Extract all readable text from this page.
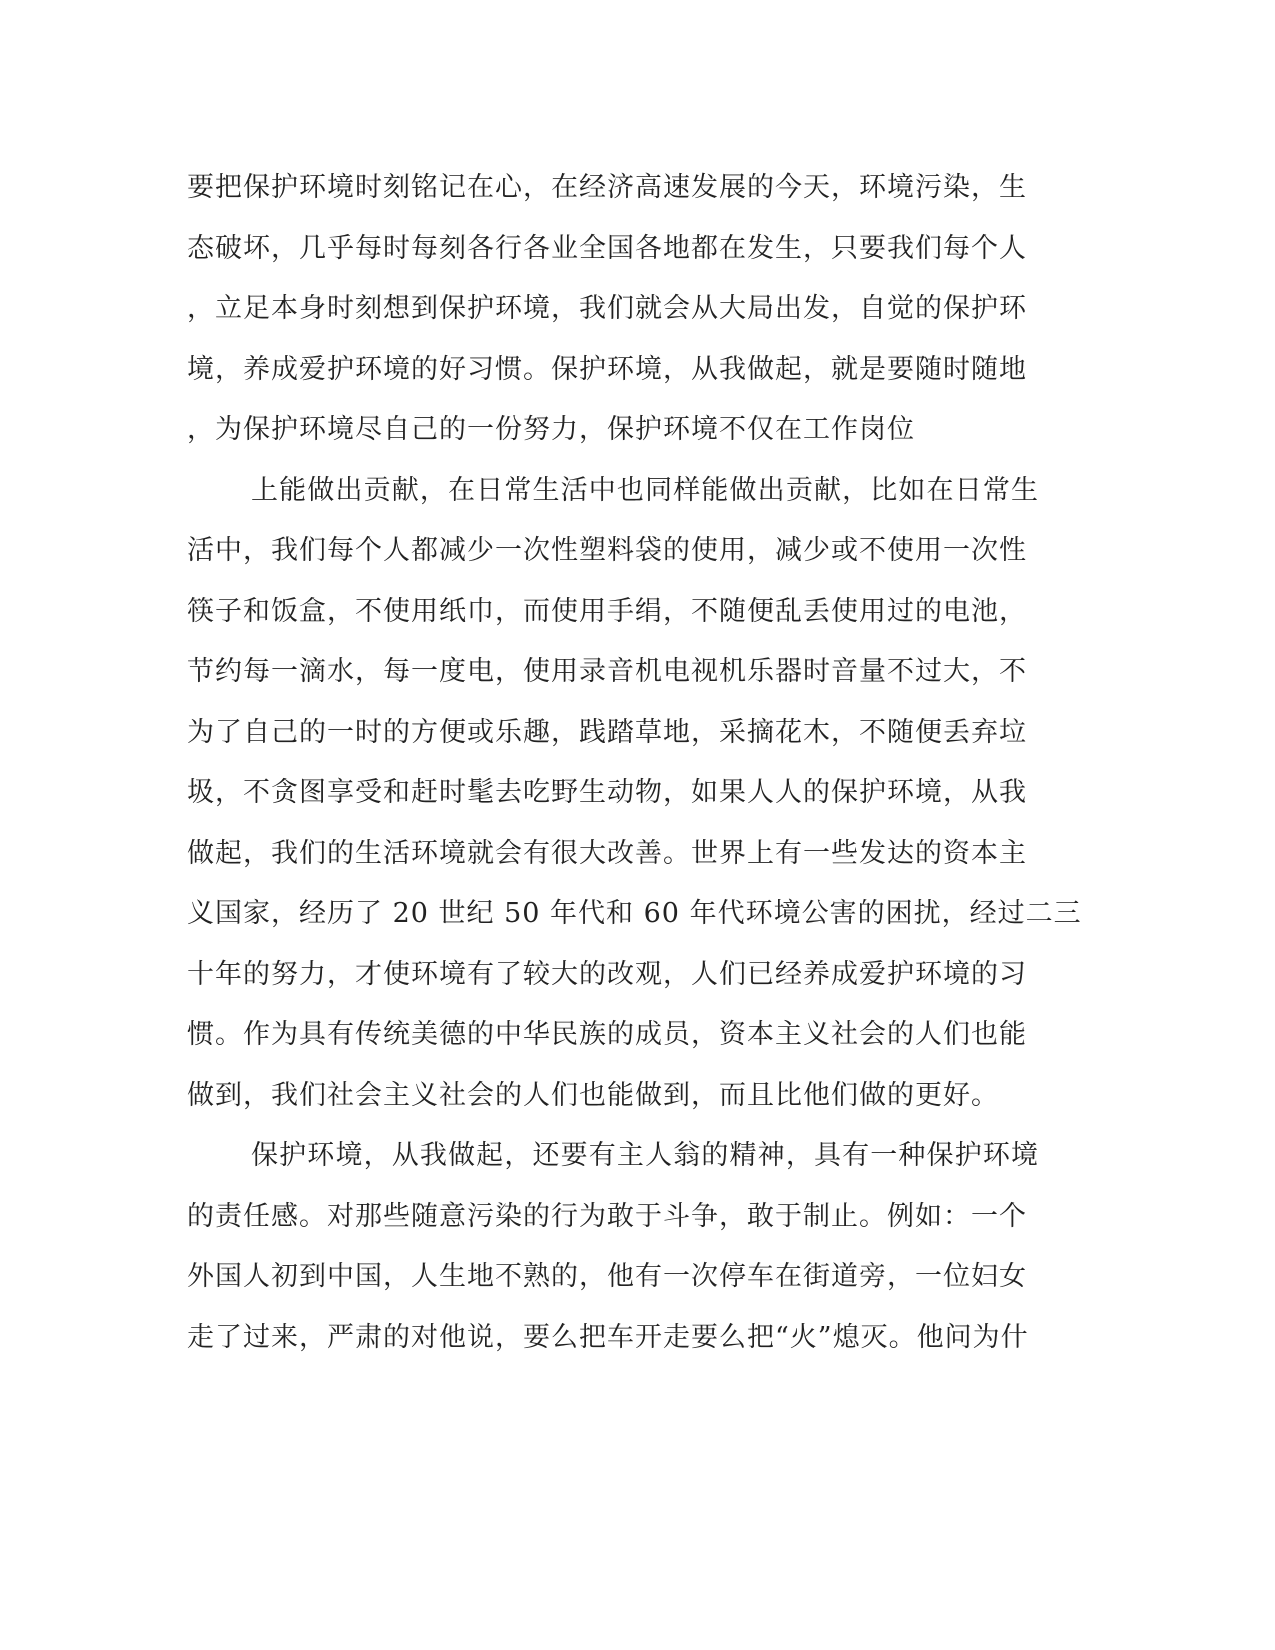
要把保护环境时刻铭记在心，在经济高速发展的今天，环境污染，生
态破坏，几乎每时每刻各行各业全国各地都在发生，只要我们每个人
，立足本身时刻想到保护环境，我们就会从大局出发，自觉的保护环
境，养成爱护环境的好习惯。保护环境，从我做起，就是要随时随地
，为保护环境尽自己的一份努力，保护环境不仅在工作岗位
上能做出贡献，在日常生活中也同样能做出贡献，比如在日常生
活中，我们每个人都减少一次性塑料袋的使用，减少或不使用一次性
筷子和饭盒，不使用纸巾，而使用手绢，不随便乱丢使用过的电池，
节约每一滴水，每一度电，使用录音机电视机乐器时音量不过大，不
为了自己的一时的方便或乐趣，践踏草地，采摘花木，不随便丢弃垃
圾，不贪图享受和赶时髦去吃野生动物，如果人人的保护环境，从我
做起，我们的生活环境就会有很大改善。世界上有一些发达的资本主
义国家，经历了 20 世纪 50 年代和 60 年代环境公害的困扰，经过二三
十年的努力，才使环境有了较大的改观，人们已经养成爱护环境的习
惯。作为具有传统美德的中华民族的成员，资本主义社会的人们也能
做到，我们社会主义社会的人们也能做到，而且比他们做的更好。
保护环境，从我做起，还要有主人翁的精神，具有一种保护环境
的责任感。对那些随意污染的行为敢于斗争，敢于制止。例如：一个
外国人初到中国，人生地不熟的，他有一次停车在街道旁，一位妇女
走了过来，严肃的对他说，要么把车开走要么把“火”熄灭。他问为什
